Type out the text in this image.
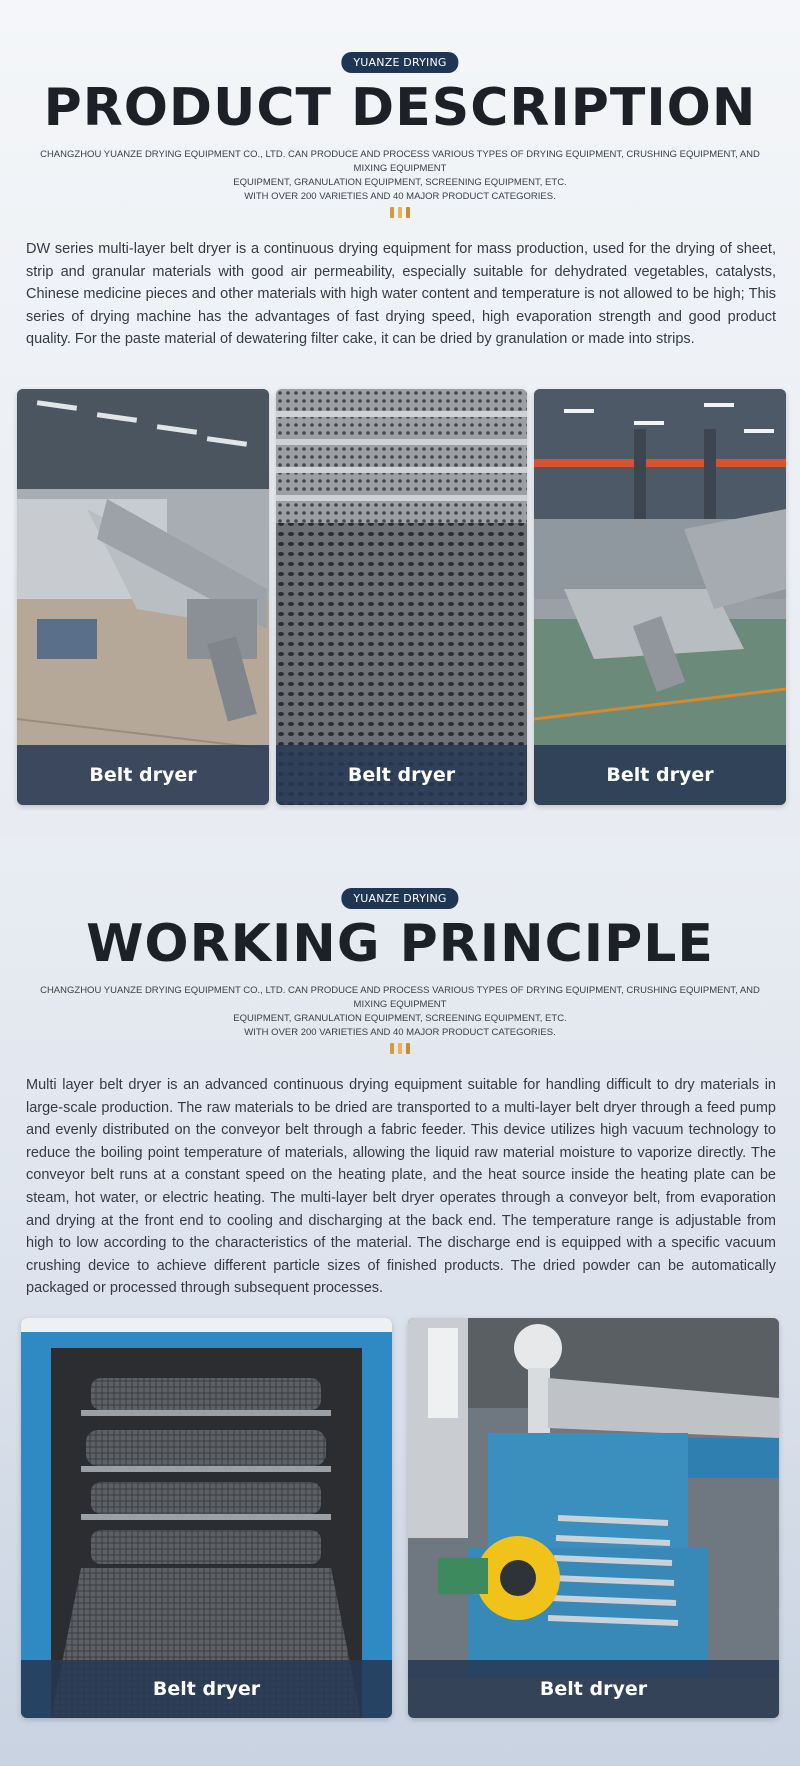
YUANZE DRYING
PRODUCT DESCRIPTION
CHANGZHOU YUANZE DRYING EQUIPMENT CO., LTD. CAN PRODUCE AND PROCESS VARIOUS TYPES OF DRYING EQUIPMENT, CRUSHING EQUIPMENT, AND MIXING EQUIPMENT
EQUIPMENT, GRANULATION EQUIPMENT, SCREENING EQUIPMENT, ETC.
WITH OVER 200 VARIETIES AND 40 MAJOR PRODUCT CATEGORIES.
DW series multi-layer belt dryer is a continuous drying equipment for mass production, used for the drying of sheet, strip and granular materials with good air permeability, especially suitable for dehydrated vegetables, catalysts, Chinese medicine pieces and other materials with high water content and temperature is not allowed to be high; This series of drying machine has the advantages of fast drying speed, high evaporation strength and good product quality. For the paste material of dewatering filter cake, it can be dried by granulation or made into strips.
Belt dryer	Belt dryer	Belt dryer
YUANZE DRYING
WORKING PRINCIPLE
CHANGZHOU YUANZE DRYING EQUIPMENT CO., LTD. CAN PRODUCE AND PROCESS VARIOUS TYPES OF DRYING EQUIPMENT, CRUSHING EQUIPMENT, AND MIXING EQUIPMENT
EQUIPMENT, GRANULATION EQUIPMENT, SCREENING EQUIPMENT, ETC.
WITH OVER 200 VARIETIES AND 40 MAJOR PRODUCT CATEGORIES.
Multi layer belt dryer is an advanced continuous drying equipment suitable for handling difficult to dry materials in large-scale production. The raw materials to be dried are transported to a multi-layer belt dryer through a feed pump and evenly distributed on the conveyor belt through a fabric feeder. This device utilizes high vacuum technology to reduce the boiling point temperature of materials, allowing the liquid raw material moisture to vaporize directly. The conveyor belt runs at a constant speed on the heating plate, and the heat source inside the heating plate can be steam, hot water, or electric heating. The multi-layer belt dryer operates through a conveyor belt, from evaporation and drying at the front end to cooling and discharging at the back end. The temperature range is adjustable from high to low according to the characteristics of the material. The discharge end is equipped with a specific vacuum crushing device to achieve different particle sizes of finished products. The dried powder can be automatically packaged or processed through subsequent processes.
Belt dryer	Belt dryer
